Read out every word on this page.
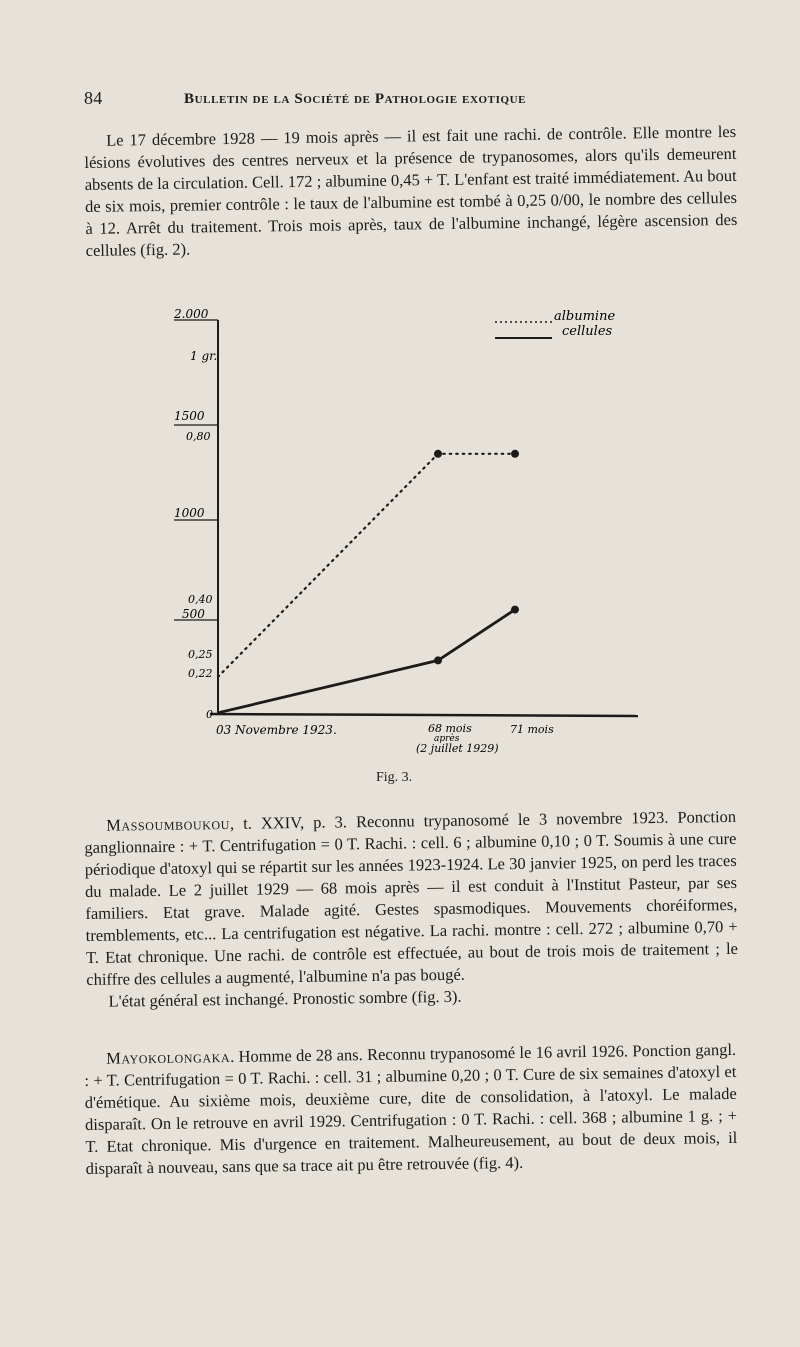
84	Bulletin de la Société de Pathologie exotique

Le 17 décembre 1928 — 19 mois après — il est fait une rachi. de contrôle. Elle montre les lésions évolutives des centres nerveux et la présence de trypanosomes, alors qu'ils demeurent absents de la circulation. Cell. 172 ; albumine 0,45 + T. L'enfant est traité immédiatement. Au bout de six mois, premier contrôle : le taux de l'albumine est tombé à 0,25 0/00, le nombre des cellules à 12. Arrêt du traitement. Trois mois après, taux de l'albumine inchangé, légère ascension des cellules (fig. 2).

2.000
1 gr.
1500
0,80
1000
0,40
500
0,25
0,22
0
albumine
cellules
03 Novembre 1923.	68 mois
après
(2 juillet 1929)
71 mois
Fig. 3.

Massoumboukou, t. XXIV, p. 3. Reconnu trypanosomé le 3 novembre 1923. Ponction ganglionnaire : + T. Centrifugation = 0 T. Rachi. : cell. 6 ; albumine 0,10 ; 0 T. Soumis à une cure périodique d'atoxyl qui se répartit sur les années 1923-1924. Le 30 janvier 1925, on perd les traces du malade. Le 2 juillet 1929 — 68 mois après — il est conduit à l'Institut Pasteur, par ses familiers. Etat grave. Malade agité. Gestes spasmodiques. Mouvements choréiformes, tremblements, etc... La centrifugation est négative. La rachi. montre : cell. 272 ; albumine 0,70 + T. Etat chronique. Une rachi. de contrôle est effectuée, au bout de trois mois de traitement ; le chiffre des cellules a augmenté, l'albumine n'a pas bougé.

L'état général est inchangé. Pronostic sombre (fig. 3).

Mayokolongaka. Homme de 28 ans. Reconnu trypanosomé le 16 avril 1926. Ponction gangl. : + T. Centrifugation = 0 T. Rachi. : cell. 31 ; albumine 0,20 ; 0 T. Cure de six semaines d'atoxyl et d'émétique. Au sixième mois, deuxième cure, dite de consolidation, à l'atoxyl. Le malade disparaît. On le retrouve en avril 1929. Centrifugation : 0 T. Rachi. : cell. 368 ; albumine 1 g. ; + T. Etat chronique. Mis d'urgence en traitement. Malheureusement, au bout de deux mois, il disparaît à nouveau, sans que sa trace ait pu être retrouvée (fig. 4).
